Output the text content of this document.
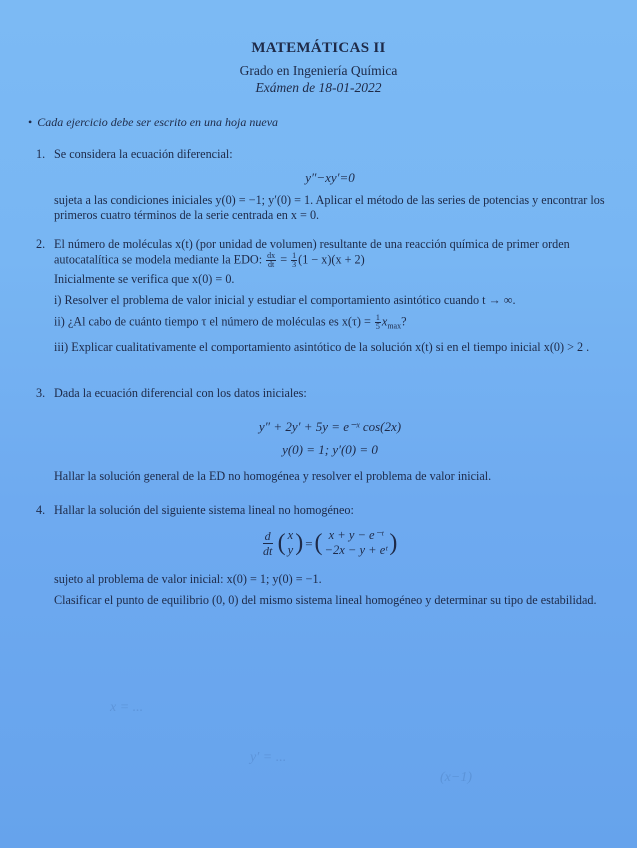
MATEMÁTICAS II
Grado en Ingeniería Química
Exámen de 18-01-2022
• Cada ejercicio debe ser escrito en una hoja nueva
1. Se considera la ecuación diferencial:
y″−xy′=0
sujeta a las condiciones iniciales y(0) = −1; y′(0) = 1. Aplicar el método de las series de potencias y encontrar los primeros cuatro términos de la serie centrada en x = 0.
2. El número de moléculas x(t) (por unidad de volumen) resultante de una reacción química de primer orden autocatalítica se modela mediante la EDO: $\frac{dx}{dt} = \frac{1}{3} (1 - x)(x + 2)$
Inicialmente se verifica que x(0) = 0.
i) Resolver el problema de valor inicial y estudiar el comportamiento asintótico cuando t → ∞.
ii) ¿Al cabo de cuánto tiempo τ el número de moléculas es $x(\tau) = \frac{1}{5} x_{max}$?
iii) Explicar cualitativamente el comportamiento asintótico de la solución x(t) si en el tiempo inicial x(0) > 2 .
3. Dada la ecuación diferencial con los datos iniciales:
y″ + 2y′ + 5y = e⁻ˣ cos(2x)
y(0) = 1; y′(0) = 0
Hallar la solución general de la ED no homogénea y resolver el problema de valor inicial.
4. Hallar la solución del siguiente sistema lineal no homogéneo:
d
dt ( x
y ) = ( x + y − e⁻ᵗ
−2x − y + eᵗ )
sujeto al problema de valor inicial: x(0) = 1; y(0) = −1.
Clasificar el punto de equilibrio (0, 0) del mismo sistema lineal homogéneo y determinar su tipo de estabilidad.
x = ...
y′ = ...
(x−1)
